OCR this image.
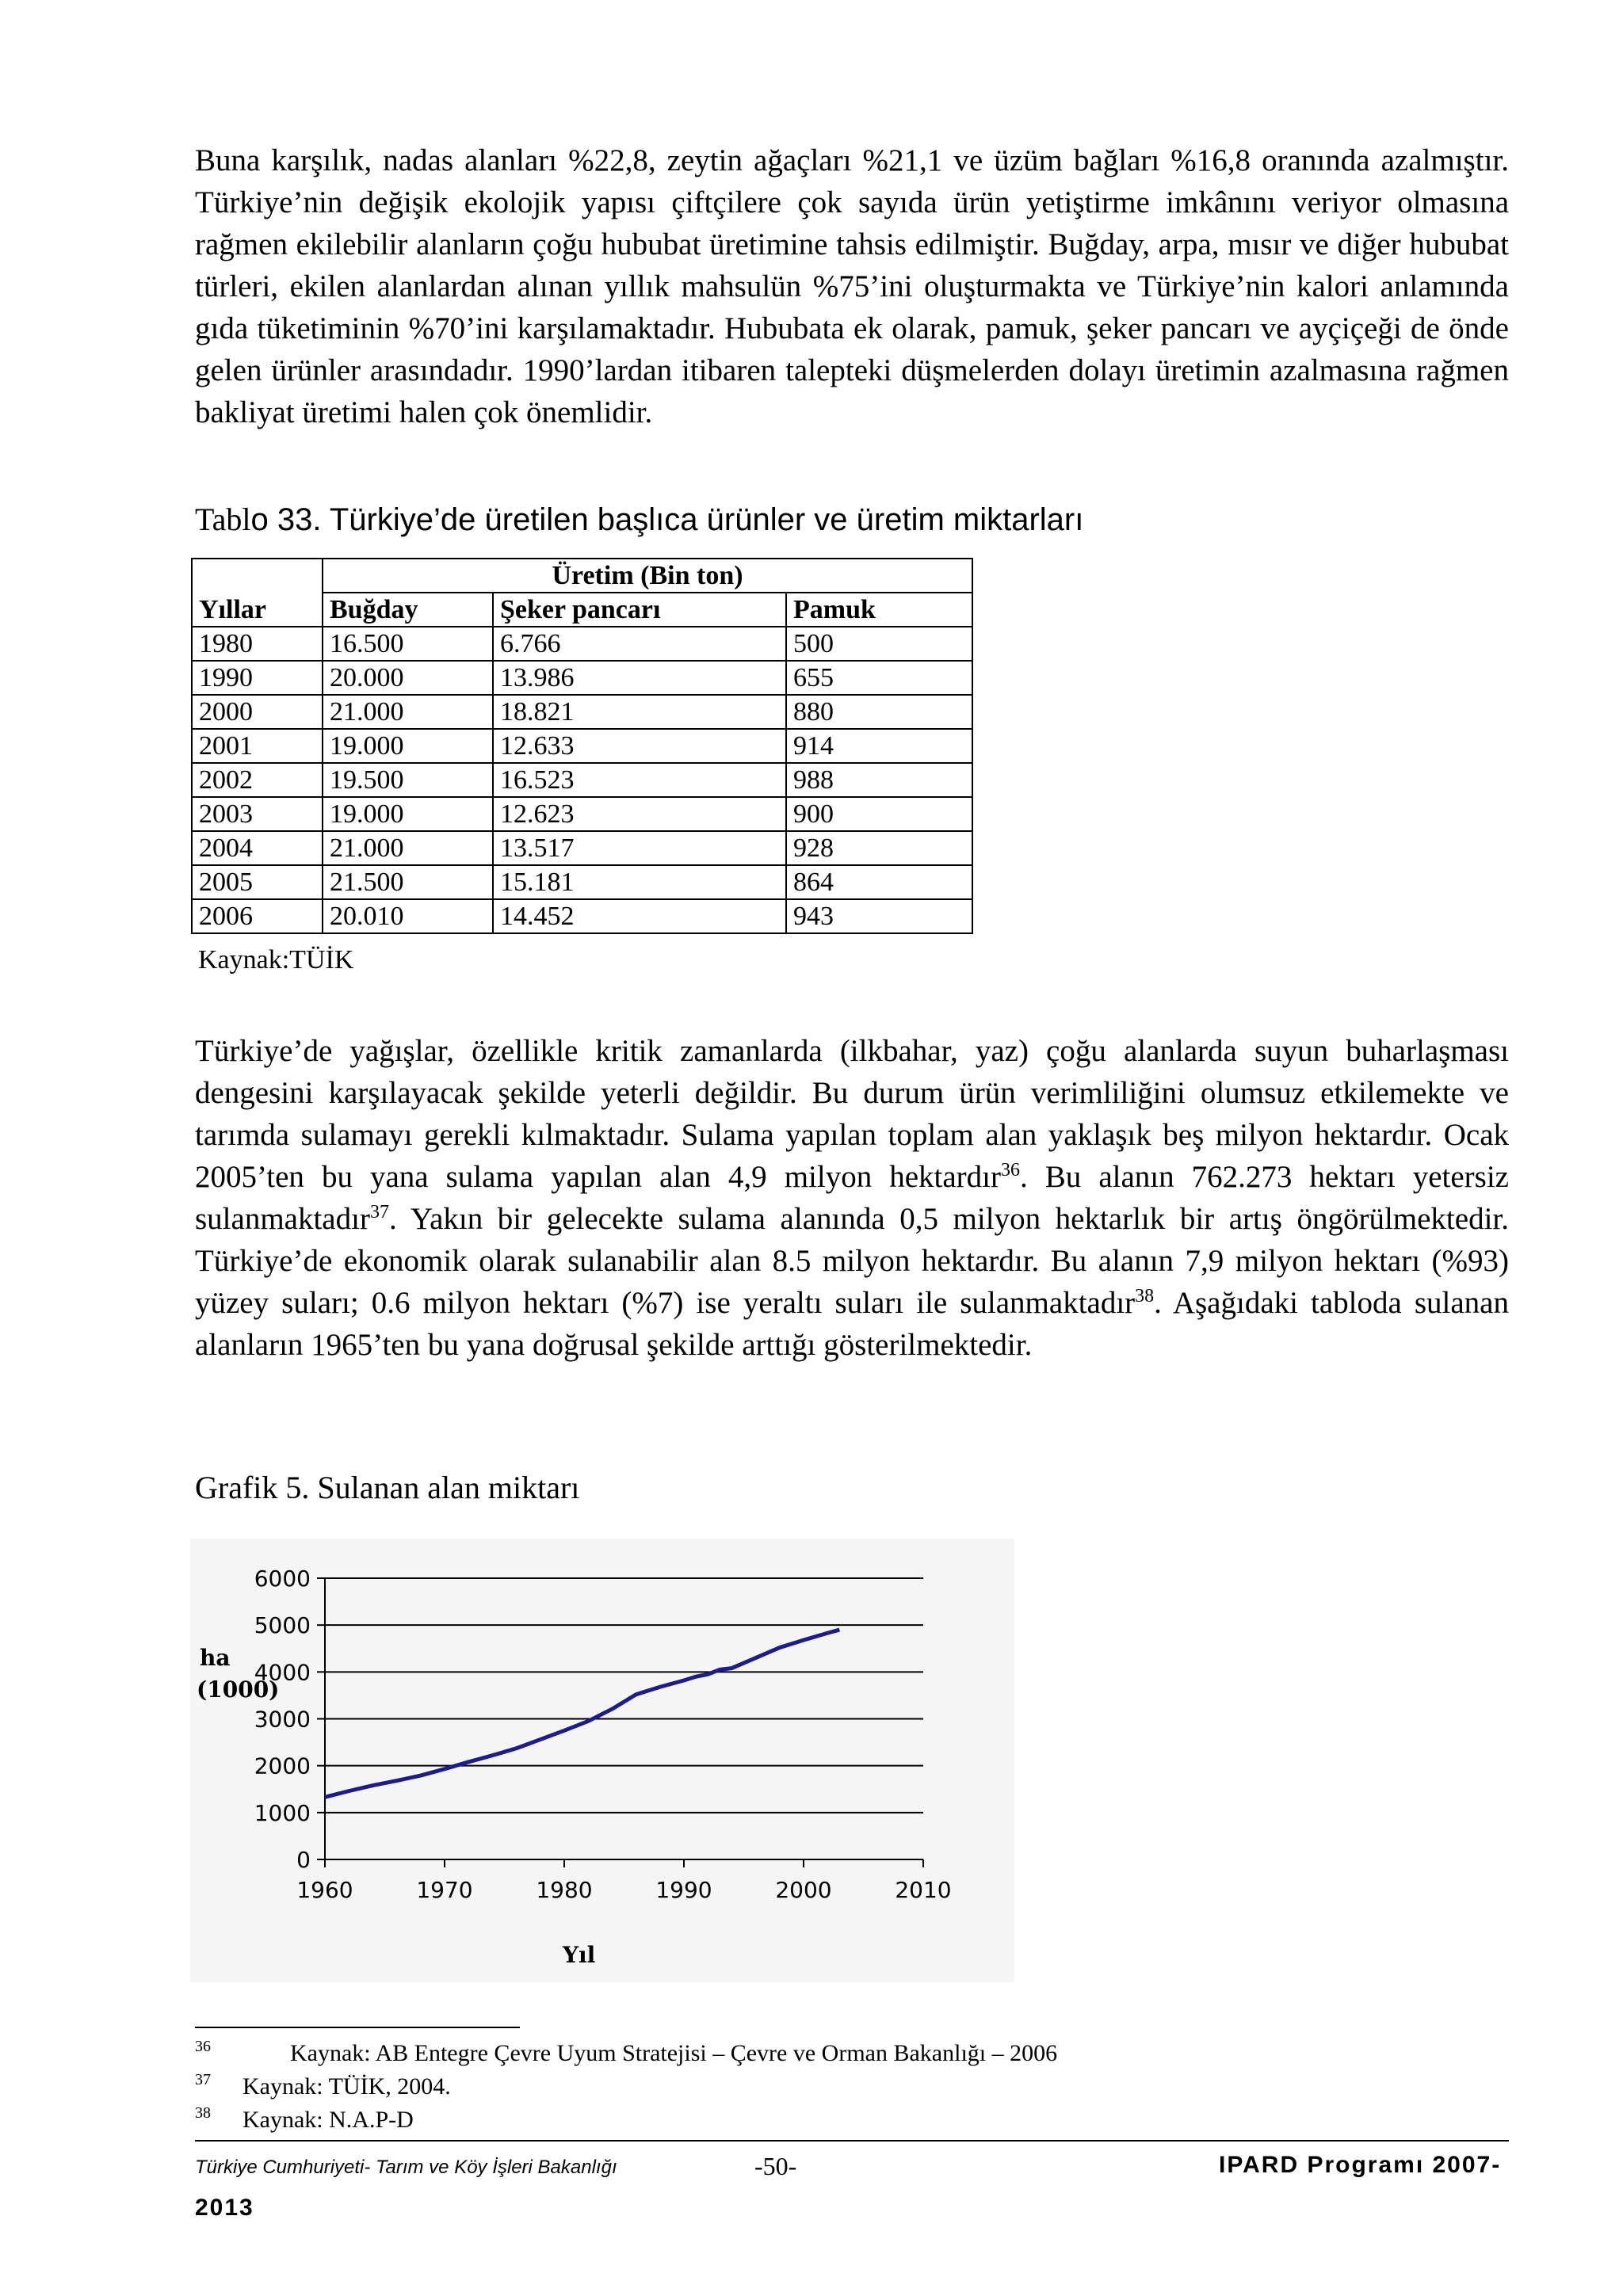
Buna karşılık, nadas alanları %22,8, zeytin ağaçları %21,1 ve üzüm bağları %16,8 oranında azalmıştır. Türkiye’nin değişik ekolojik yapısı çiftçilere çok sayıda ürün yetiştirme imkânını veriyor olmasına rağmen ekilebilir alanların çoğu hububat üretimine tahsis edilmiştir. Buğday, arpa, mısır ve diğer hububat türleri, ekilen alanlardan alınan yıllık mahsulün %75’ini oluşturmakta ve Türkiye’nin kalori anlamında gıda tüketiminin %70’ini karşılamaktadır. Hububata ek olarak, pamuk, şeker pancarı ve ayçiçeği de önde gelen ürünler arasındadır. 1990’lardan itibaren talepteki düşmelerden dolayı üretimin azalmasına rağmen bakliyat üretimi halen çok önemlidir.
Tablo 33. Türkiye’de üretilen başlıca ürünler ve üretim miktarları
	Üretim (Bin ton)		
Yıllar	Buğday	Şeker pancarı	Pamuk
1980	16.500	6.766	500
1990	20.000	13.986	655
2000	21.000	18.821	880
2001	19.000	12.633	914
2002	19.500	16.523	988
2003	19.000	12.623	900
2004	21.000	13.517	928
2005	21.500	15.181	864
2006	20.010	14.452	943
Kaynak:TÜİK
Türkiye’de yağışlar, özellikle kritik zamanlarda (ilkbahar, yaz) çoğu alanlarda suyun buharlaşması dengesini karşılayacak şekilde yeterli değildir. Bu durum ürün verimliliğini olumsuz etkilemekte ve tarımda sulamayı gerekli kılmaktadır. Sulama yapılan toplam alan yaklaşık beş milyon hektardır. Ocak 2005’ten bu yana sulama yapılan alan 4,9 milyon hektardır$^{36}$. Bu alanın 762.273 hektarı yetersiz sulanmaktadır$^{37}$. Yakın bir gelecekte sulama alanında 0,5 milyon hektarlık bir artış öngörülmektedir. Türkiye’de ekonomik olarak sulanabilir alan 8.5 milyon hektardır. Bu alanın 7,9 milyon hektarı (%93) yüzey suları; 0.6 milyon hektarı (%7) ise yeraltı suları ile sulanmaktadır$^{38}$. Aşağıdaki tabloda sulanan alanların 1965’ten bu yana doğrusal şekilde arttığı gösterilmektedir.
Grafik 5. Sulanan alan miktarı
0
1000
2000
3000
4000
5000
6000
1960	1970	1980	1990	2000	2010
ha
(1000)
Yıl
36	Kaynak: AB Entegre Çevre Uyum Stratejisi – Çevre ve Orman Bakanlığı – 2006
37 Kaynak: TÜİK, 2004.
38 Kaynak: N.A.P-D
Türkiye Cumhuriyeti- Tarım ve Köy İşleri Bakanlığı	-50-	IPARD Programı 2007-
2013
